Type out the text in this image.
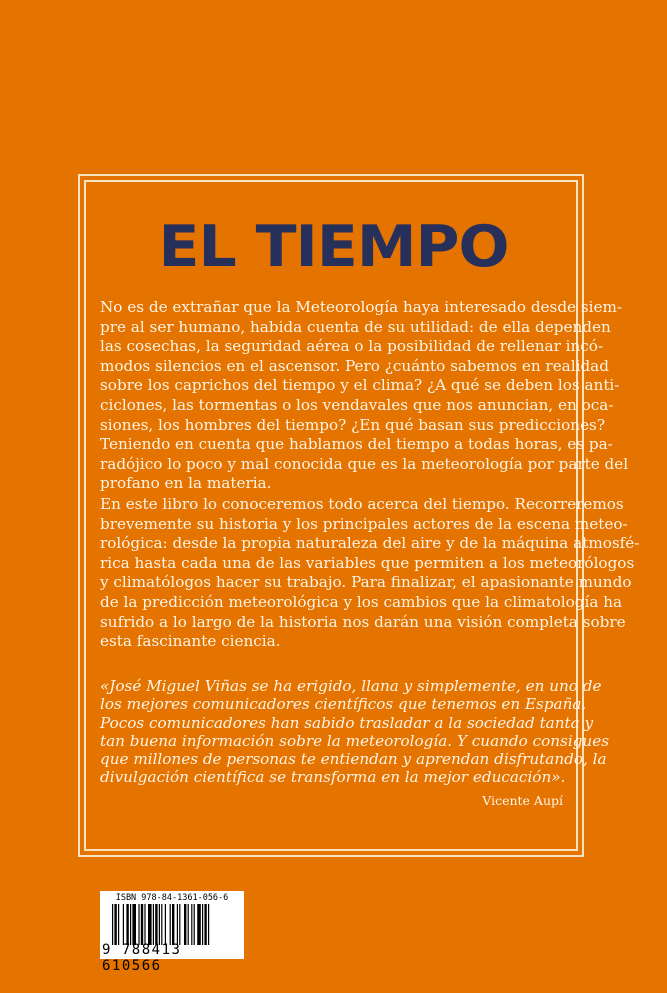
EL TIEMPO
No es de extrañar que la Meteorología haya interesado desde siem-
pre al ser humano, habida cuenta de su utilidad: de ella dependen
las cosechas, la seguridad aérea o la posibilidad de rellenar incó-
modos silencios en el ascensor. Pero ¿cuánto sabemos en realidad
sobre los caprichos del tiempo y el clima? ¿A qué se deben los anti-
ciclones, las tormentas o los vendavales que nos anuncian, en oca-
siones, los hombres del tiempo? ¿En qué basan sus predicciones?
Teniendo en cuenta que hablamos del tiempo a todas horas, es pa-
radójico lo poco y mal conocida que es la meteorología por parte del
profano en la materia.
En este libro lo conoceremos todo acerca del tiempo. Recorreremos
brevemente su historia y los principales actores de la escena meteo-
rológica: desde la propia naturaleza del aire y de la máquina atmosfé-
rica hasta cada una de las variables que permiten a los meteorólogos
y climatólogos hacer su trabajo. Para finalizar, el apasionante mundo
de la predicción meteorológica y los cambios que la climatología ha
sufrido a lo largo de la historia nos darán una visión completa sobre
esta fascinante ciencia.
«José Miguel Viñas se ha erigido, llana y simplemente, en uno de
los mejores comunicadores científicos que tenemos en España.
Pocos comunicadores han sabido trasladar a la sociedad tanta y
tan buena información sobre la meteorología. Y cuando consigues
que millones de personas te entiendan y aprendan disfrutando, la
divulgación científica se transforma en la mejor educación».
Vicente Aupí
ISBN 978-84-1361-056-6
9 788413 610566
